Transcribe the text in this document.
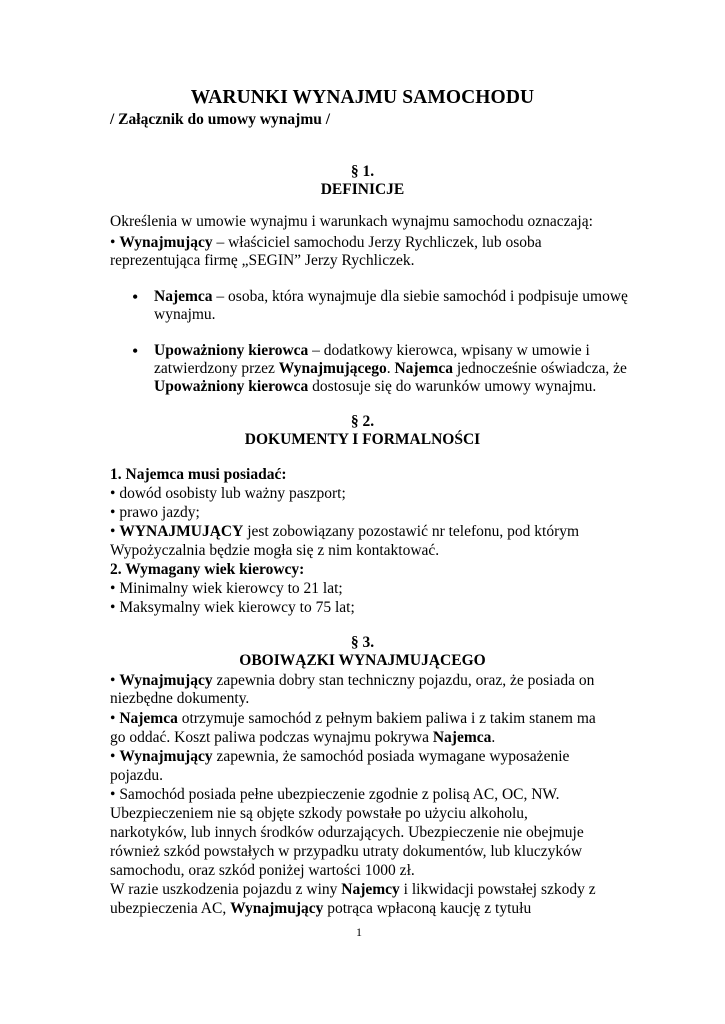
WARUNKI WYNAJMU SAMOCHODU
/ Załącznik do umowy wynajmu /
§ 1.
DEFINICJE
Określenia w umowie wynajmu i warunkach wynajmu samochodu oznaczają:
• Wynajmujący – właściciel samochodu Jerzy Rychliczek, lub osoba
reprezentująca firmę „SEGIN” Jerzy Rychliczek.
• Najemca – osoba, która wynajmuje dla siebie samochód i podpisuje umowę
wynajmu.
• Upoważniony kierowca – dodatkowy kierowca, wpisany w umowie i
zatwierdzony przez Wynajmującego. Najemca jednocześnie oświadcza, że
Upoważniony kierowca dostosuje się do warunków umowy wynajmu.
§ 2.
DOKUMENTY I FORMALNOŚCI
1. Najemca musi posiadać:
• dowód osobisty lub ważny paszport;
• prawo jazdy;
• WYNAJMUJĄCY jest zobowiązany pozostawić nr telefonu, pod którym
Wypożyczalnia będzie mogła się z nim kontaktować.
2. Wymagany wiek kierowcy:
• Minimalny wiek kierowcy to 21 lat;
• Maksymalny wiek kierowcy to 75 lat;
§ 3.
OBOIWĄZKI WYNAJMUJĄCEGO
• Wynajmujący zapewnia dobry stan techniczny pojazdu, oraz, że posiada on
niezbędne dokumenty.
• Najemca otrzymuje samochód z pełnym bakiem paliwa i z takim stanem ma
go oddać. Koszt paliwa podczas wynajmu pokrywa Najemca.
• Wynajmujący zapewnia, że samochód posiada wymagane wyposażenie
pojazdu.
• Samochód posiada pełne ubezpieczenie zgodnie z polisą AC, OC, NW.
Ubezpieczeniem nie są objęte szkody powstałe po użyciu alkoholu,
narkotyków, lub innych środków odurzających. Ubezpieczenie nie obejmuje
również szkód powstałych w przypadku utraty dokumentów, lub kluczyków
samochodu, oraz szkód poniżej wartości 1000 zł.
W razie uszkodzenia pojazdu z winy Najemcy i likwidacji powstałej szkody z
ubezpieczenia AC, Wynajmujący potrąca wpłaconą kaucję z tytułu
1
